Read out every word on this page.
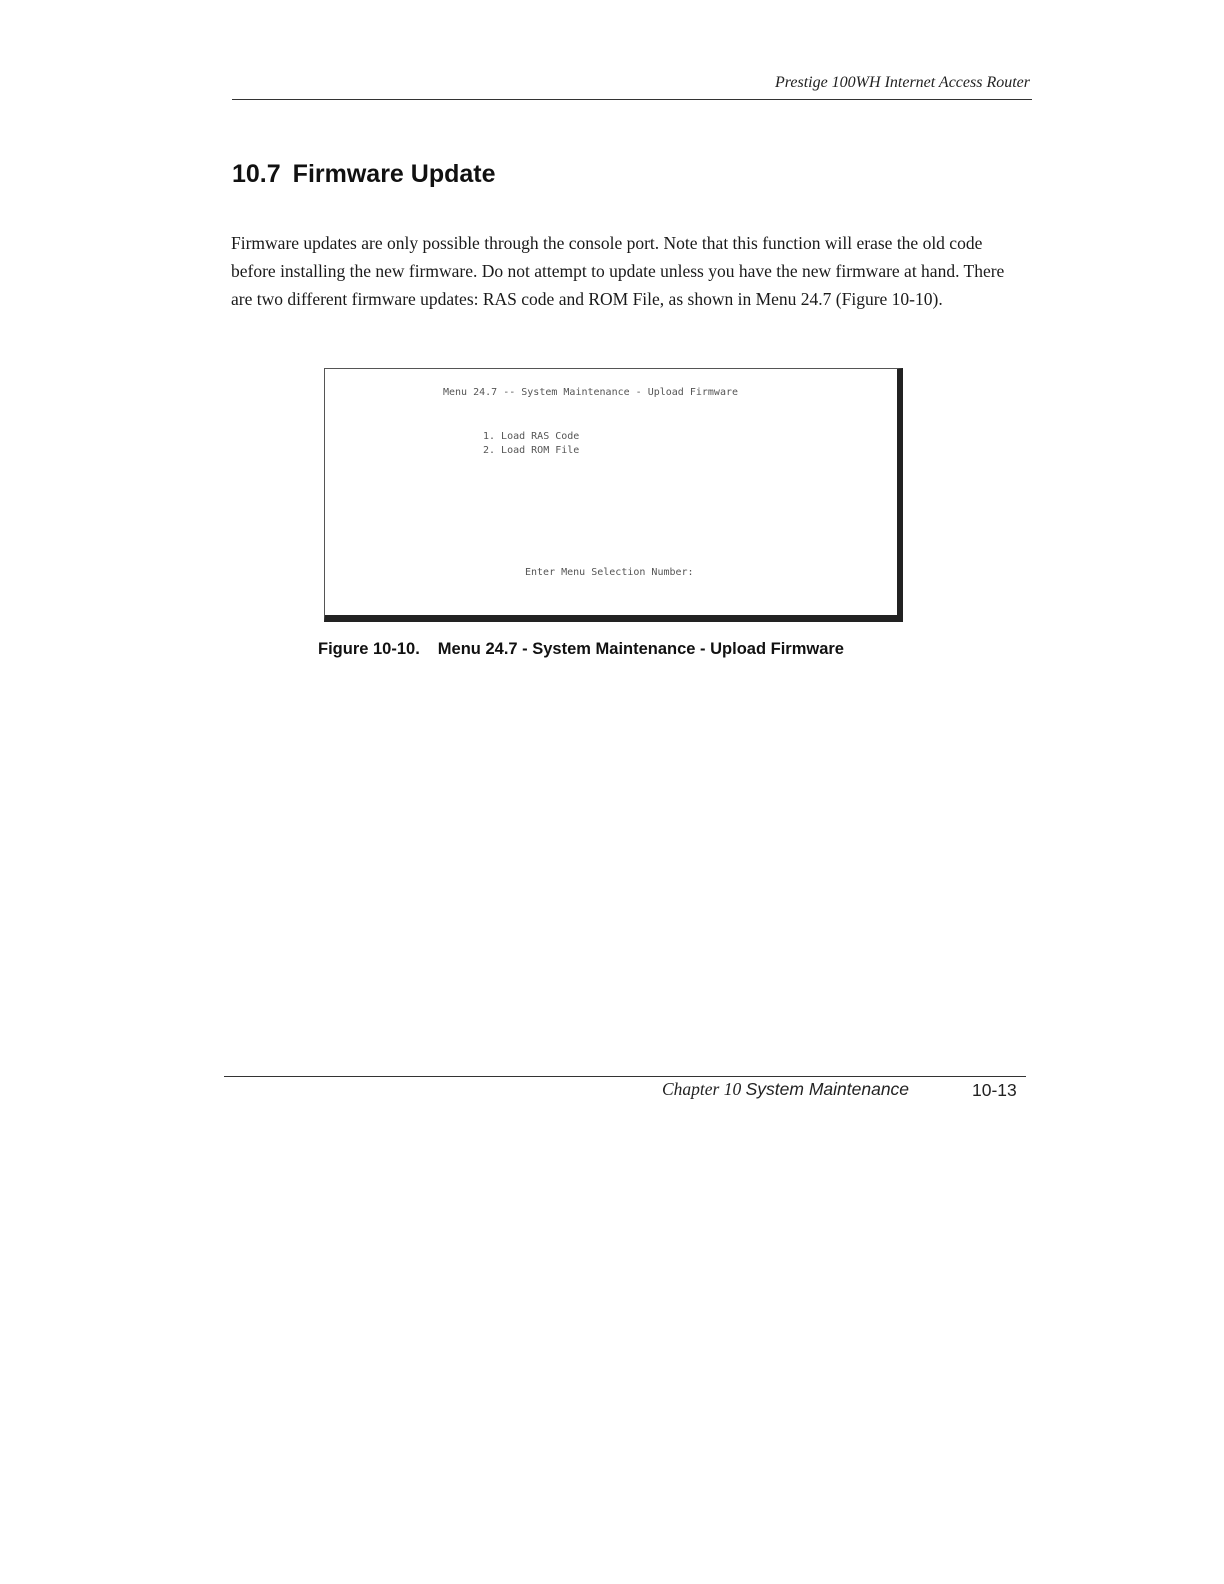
Prestige 100WH Internet Access Router
10.7 Firmware Update

Firmware updates are only possible through the console port. Note that this function will erase the old code before installing the new firmware. Do not attempt to update unless you have the new firmware at hand. There are two different firmware updates: RAS code and ROM File, as shown in Menu 24.7 (Figure 10-10).

Menu 24.7 -- System Maintenance - Upload Firmware
1. Load RAS Code
2. Load ROM File
Enter Menu Selection Number:

Figure 10-10. Menu 24.7 - System Maintenance - Upload Firmware

Chapter 10 System Maintenance	10-13
